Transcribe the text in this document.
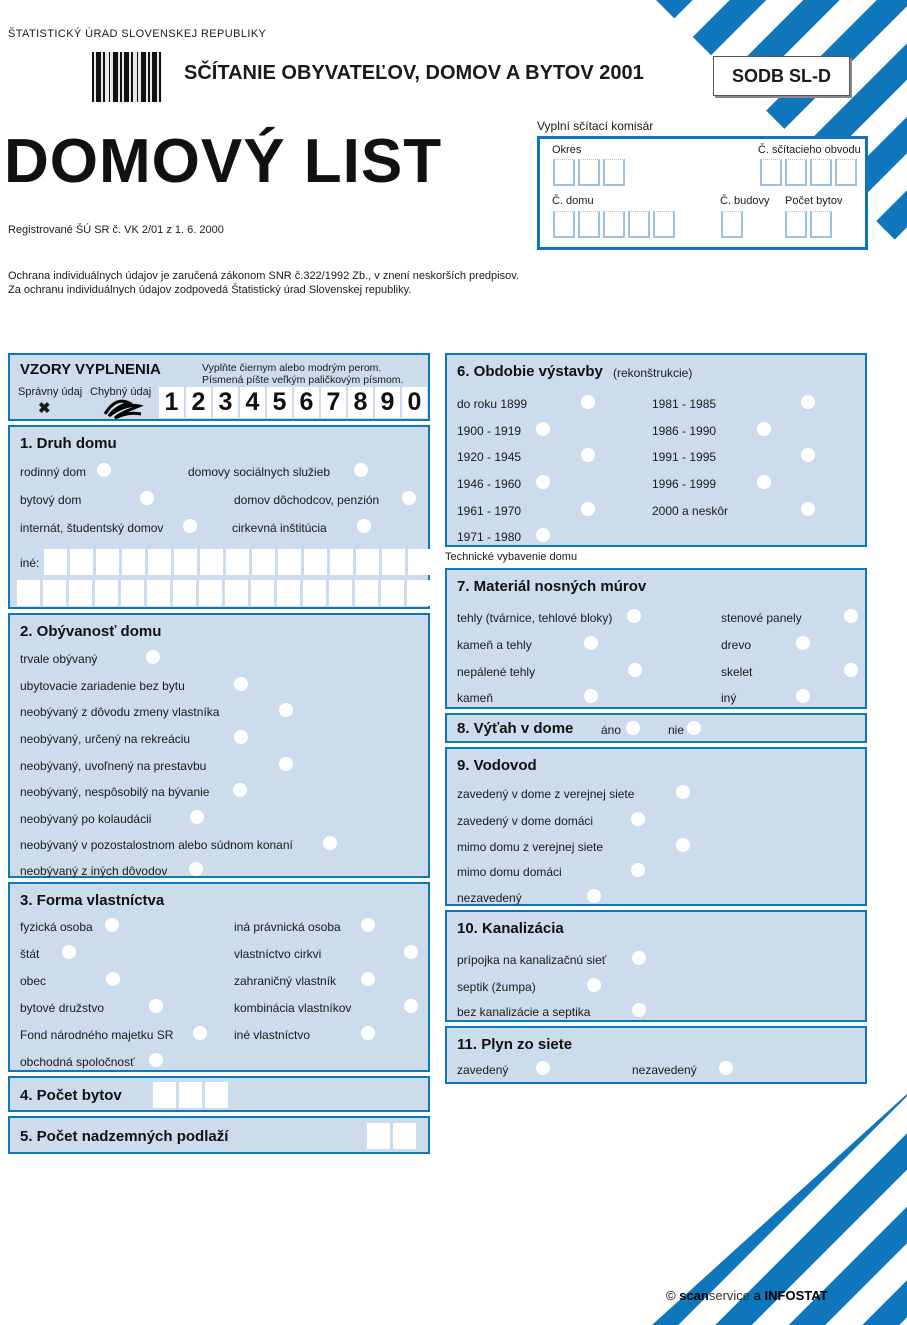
ŠTATISTICKÝ ÚRAD SLOVENSKEJ REPUBLIKY
SČÍTANIE OBYVATEĽOV, DOMOV A BYTOV 2001	SODB SL-D
DOMOVÝ LIST
Registrované ŠÚ SR č. VK 2/01 z 1. 6. 2000
Ochrana individuálnych údajov je zaručená zákonom SNR č.322/1992 Zb., v znení neskorších predpisov.
Za ochranu individuálnych údajov zodpovedá Štatistický úrad Slovenskej republiky.
Vyplní sčítací komisár
Okres	Č. sčítacieho obvodu
Č. domu	Č. budovy Počet bytov
VZORY VYPLNENIA
Správny údaj
✖
Chybný údaj
Vyplňte čiernym alebo modrým perom.
Písmená píšte veľkým paličkovým písmom.
1 2 3 4 5 6 7 8 9 0
1. Druh domu
rodinný dom	domovy sociálnych služieb
bytový dom	domov dôchodcov, penzión
internát, študentský domov	cirkevná inštitúcia
iné:
2. Obývanosť domu
trvale obývaný
ubytovacie zariadenie bez bytu
neobývaný z dôvodu zmeny vlastníka
neobývaný, určený na rekreáciu
neobývaný, uvoľnený na prestavbu
neobývaný, nespôsobilý na bývanie
neobývaný po kolaudácii
neobývaný v pozostalostnom alebo súdnom konaní
neobývaný z iných dôvodov
3. Forma vlastníctva
fyzická osoba	iná právnická osoba
štát	vlastníctvo cirkvi
obec	zahraničný vlastník
bytové družstvo	kombinácia vlastníkov
Fond národného majetku SR	iné vlastníctvo
obchodná spoločnosť
4. Počet bytov
5. Počet nadzemných podlaží
6. Obdobie výstavby (rekonštrukcie)
do roku 1899	1981 - 1985
1900 - 1919	1986 - 1990
1920 - 1945	1991 - 1995
1946 - 1960	1996 - 1999
1961 - 1970	2000 a neskôr
1971 - 1980
Technické vybavenie domu
7. Materiál nosných múrov
tehly (tvárnice, tehlové bloky)	stenové panely
kameň a tehly	drevo
nepálené tehly	skelet
kameň	iný
8. Výťah v dome áno	nie
9. Vodovod
zavedený v dome z verejnej siete
zavedený v dome domáci
mimo domu z verejnej siete
mimo domu domáci
nezavedený
10. Kanalizácia
prípojka na kanalizačnú sieť
septik (žumpa)
bez kanalizácie a septika
11. Plyn zo siete
zavedený	nezavedený
© scanservice a INFOSTAT
